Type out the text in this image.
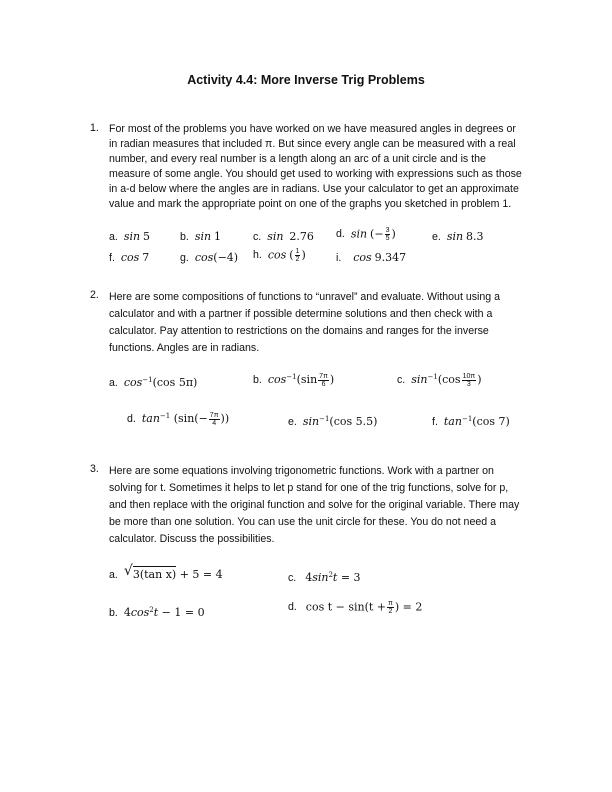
Activity 4.4: More Inverse Trig Problems
1. For most of the problems you have worked on we have measured angles in degrees or
in radian measures that included π. But since every angle can be measured with a real
number, and every real number is a length along an arc of a unit circle and is the
measure of some angle. You should get used to working with expressions such as those
in a-d below where the angles are in radians. Use your calculator to get an approximate
value and mark the appropriate point on one of the graphs you sketched in problem 1.
a. sin 5	b. sin 1	c. sin 2.76 d. sin (− $\frac{3}{5}$ )	e. sin 8.3
f. cos 7	g. cos(−4) h. cos ( $\frac{1}{2}$ )	i. cos 9.347
2. Here are some compositions of functions to “unravel” and evaluate. Without using a
calculator and with a partner if possible determine solutions and then check with a
calculator. Pay attention to restrictions on the domains and ranges for the inverse
functions. Angles are in radians.
a. $\cos^{-1}(\cos$ 5π)	b. $\cos^{-1}(\sin \frac{7\pi}{6}$ )	c. $\sin^{-1}(\cos \frac{10\pi}{3}$ )
d. $\tan^{-1} (\sin(- \frac{7\pi}{4}$ ))	e. $\sin^{-1}(\cos$ 5.5)	f. $\tan^{-1}(\cos$ 7)
3. Here are some equations involving trigonometric functions. Work with a partner on
solving for t. Sometimes it helps to let p stand for one of the trig functions, solve for p,
and then replace with the original function and solve for the original variable. There may
be more than one solution. You can use the unit circle for these. You do not need a
calculator. Discuss the possibilities.
a. √ 3(tan x) + 5 = 4	c. $4\sin^2t = 3$
b. $4\cos^2t - 1 = 0$	d. $\cos t - \sin(t + \frac{\pi}{2}$ ) = 2
